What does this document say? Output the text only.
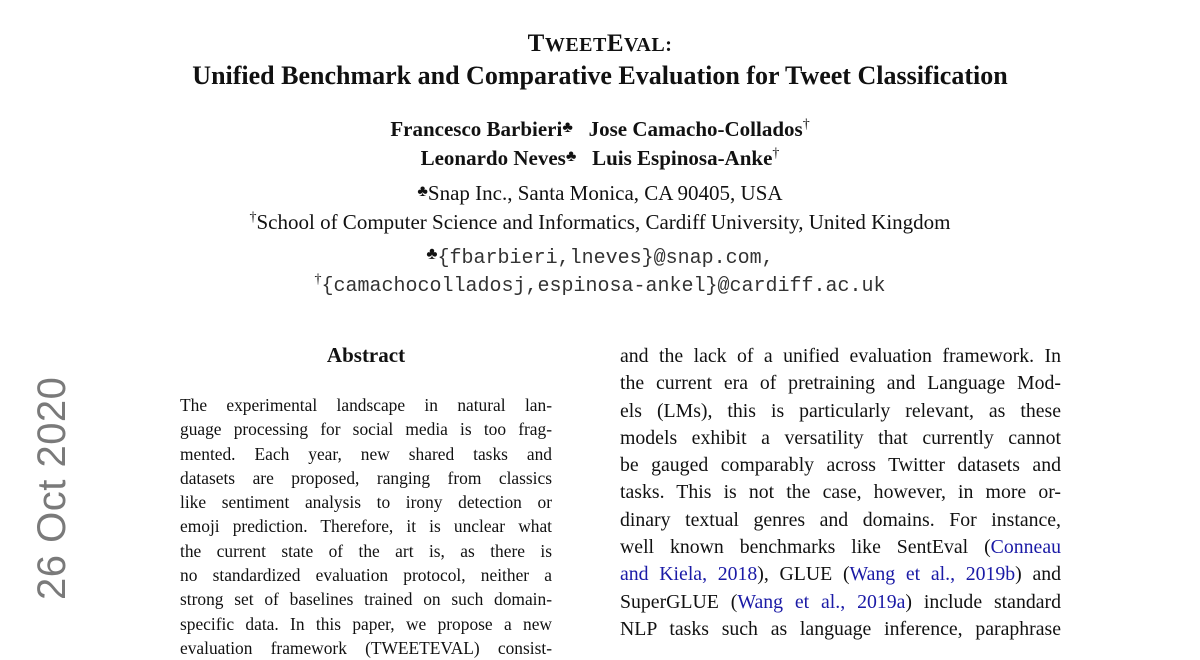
TWEETEVAL:
Unified Benchmark and Comparative Evaluation for Tweet Classification
Francesco Barbieri♣ Jose Camacho-Collados†
Leonardo Neves♣ Luis Espinosa-Anke†
♣Snap Inc., Santa Monica, CA 90405, USA
†School of Computer Science and Informatics, Cardiff University, United Kingdom
♣{fbarbieri,lneves}@snap.com,
†{camachocolladosj,espinosa-ankel}@cardiff.ac.uk
Abstract
The experimental landscape in natural lan-
guage processing for social media is too frag-
mented. Each year, new shared tasks and
datasets are proposed, ranging from classics
like sentiment analysis to irony detection or
emoji prediction. Therefore, it is unclear what
the current state of the art is, as there is
no standardized evaluation protocol, neither a
strong set of baselines trained on such domain-
specific data. In this paper, we propose a new
evaluation framework (TWEETEVAL) consist-
and the lack of a unified evaluation framework. In
the current era of pretraining and Language Mod-
els (LMs), this is particularly relevant, as these
models exhibit a versatility that currently cannot
be gauged comparably across Twitter datasets and
tasks. This is not the case, however, in more or-
dinary textual genres and domains. For instance,
well known benchmarks like SentEval (Conneau
and Kiela, 2018), GLUE (Wang et al., 2019b) and
SuperGLUE (Wang et al., 2019a) include standard
NLP tasks such as language inference, paraphrase
26 Oct 2020
